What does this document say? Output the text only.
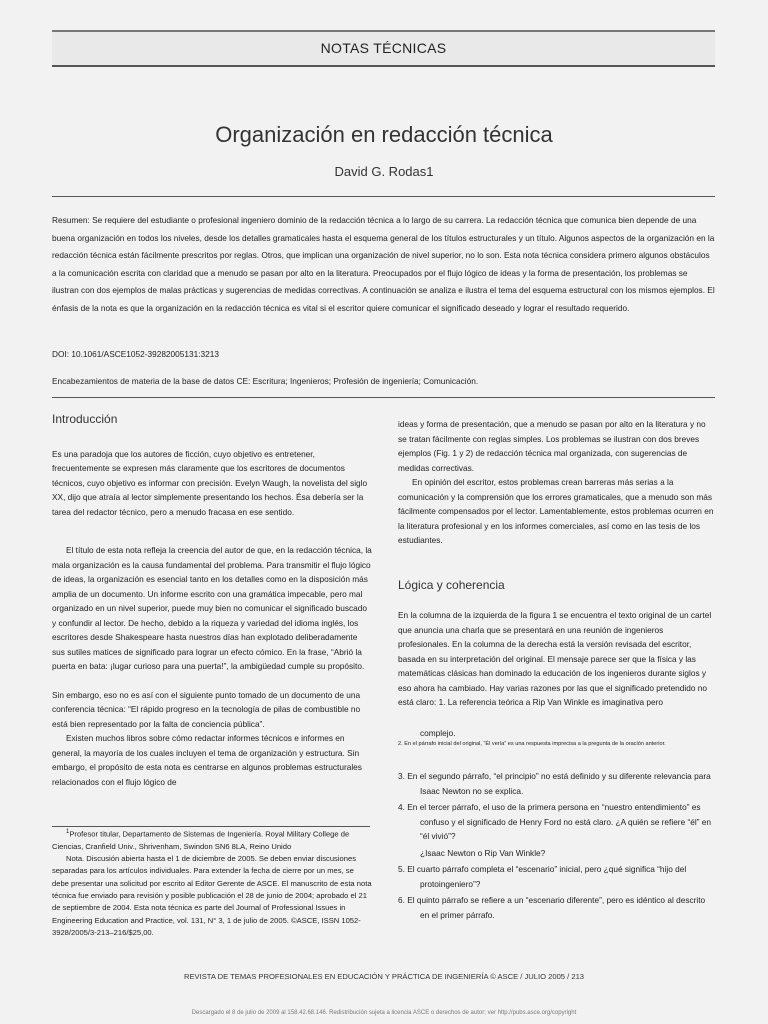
NOTAS TÉCNICAS
Organización en redacción técnica
David G. Rodas1
Resumen: Se requiere del estudiante o profesional ingeniero dominio de la redacción técnica a lo largo de su carrera. La redacción técnica que comunica bien depende de una buena organización en todos los niveles, desde los detalles gramaticales hasta el esquema general de los títulos estructurales y un título. Algunos aspectos de la organización en la redacción técnica están fácilmente prescritos por reglas. Otros, que implican una organización de nivel superior, no lo son. Esta nota técnica considera primero algunos obstáculos a la comunicación escrita con claridad que a menudo se pasan por alto en la literatura. Preocupados por el flujo lógico de ideas y la forma de presentación, los problemas se ilustran con dos ejemplos de malas prácticas y sugerencias de medidas correctivas. A continuación se analiza e ilustra el tema del esquema estructural con los mismos ejemplos. El énfasis de la nota es que la organización en la redacción técnica es vital si el escritor quiere comunicar el significado deseado y lograr el resultado requerido.
DOI: 10.1061/ASCE1052-39282005131:3213
Encabezamientos de materia de la base de datos CE: Escritura; Ingenieros; Profesión de ingeniería; Comunicación.
Introducción

Es una paradoja que los autores de ficción, cuyo objetivo es entretener, frecuentemente se expresen más claramente que los escritores de documentos técnicos, cuyo objetivo es informar con precisión. Evelyn Waugh, la novelista del siglo XX, dijo que atraía al lector simplemente presentando los hechos. Ésa debería ser la tarea del redactor técnico, pero a menudo fracasa en ese sentido.

El título de esta nota refleja la creencia del autor de que, en la redacción técnica, la mala organización es la causa fundamental del problema. Para transmitir el flujo lógico de ideas, la organización es esencial tanto en los detalles como en la disposición más amplia de un documento. Un informe escrito con una gramática impecable, pero mal organizado en un nivel superior, puede muy bien no comunicar el significado buscado y confundir al lector. De hecho, debido a la riqueza y variedad del idioma inglés, los escritores desde Shakespeare hasta nuestros días han explotado deliberadamente sus sutiles matices de significado para lograr un efecto cómico. En la frase, “Abrió la puerta en bata: ¡lugar curioso para una puerta!”, la ambigüedad cumple su propósito.

Sin embargo, eso no es así con el siguiente punto tomado de un documento de una conferencia técnica: “El rápido progreso en la tecnología de pilas de combustible no está bien representado por la falta de conciencia pública”.

Existen muchos libros sobre cómo redactar informes técnicos e informes en general, la mayoría de los cuales incluyen el tema de organización y estructura. Sin embargo, el propósito de esta nota es centrarse en algunos problemas estructurales relacionados con el flujo lógico de

$^1$Profesor titular, Departamento de Sistemas de Ingeniería. Royal Military College de Ciencias, Cranfield Univ., Shrivenham, Swindon SN6 8LA, Reino Unido

Nota. Discusión abierta hasta el 1 de diciembre de 2005. Se deben enviar discusiones separadas para los artículos individuales. Para extender la fecha de cierre por un mes, se debe presentar una solicitud por escrito al Editor Gerente de ASCE. El manuscrito de esta nota técnica fue enviado para revisión y posible publicación el 28 de junio de 2004; aprobado el 21 de septiembre de 2004. Esta nota técnica es parte del Journal of Professional Issues in Engineering Education and Practice, vol. 131, N° 3, 1 de julio de 2005. ©ASCE, ISSN 1052-3928/2005/3-213–216/$25,00.

ideas y forma de presentación, que a menudo se pasan por alto en la literatura y no se tratan fácilmente con reglas simples. Los problemas se ilustran con dos breves ejemplos (Fig. 1 y 2) de redacción técnica mal organizada, con sugerencias de medidas correctivas.

En opinión del escritor, estos problemas crean barreras más serias a la comunicación y la comprensión que los errores gramaticales, que a menudo son más fácilmente compensados por el lector. Lamentablemente, estos problemas ocurren en la literatura profesional y en los informes comerciales, así como en las tesis de los estudiantes.

Lógica y coherencia

En la columna de la izquierda de la figura 1 se encuentra el texto original de un cartel que anuncia una charla que se presentará en una reunión de ingenieros profesionales. En la columna de la derecha está la versión revisada del escritor, basada en su interpretación del original. El mensaje parece ser que la física y las matemáticas clásicas han dominado la educación de los ingenieros durante siglos y eso ahora ha cambiado. Hay varias razones por las que el significado pretendido no está claro: 1. La referencia teórica a Rip Van Winkle es imaginativa pero

complejo.

2. En el párrafo inicial del original, “Él vería” es una respuesta imprecisa a la pregunta de la oración anterior.

3. En el segundo párrafo, “el principio” no está definido y su diferente relevancia para Isaac Newton no se explica.

4. En el tercer párrafo, el uso de la primera persona en “nuestro entendimiento” es confuso y el significado de Henry Ford no está claro. ¿A quién se refiere “él” en “él vivió”?

¿Isaac Newton o Rip Van Winkle?

5. El cuarto párrafo completa el “escenario” inicial, pero ¿qué significa “hijo del protoingeniero”?

6. El quinto párrafo se refiere a un “escenario diferente”, pero es idéntico al descrito en el primer párrafo.

REVISTA DE TEMAS PROFESIONALES EN EDUCACIÓN Y PRÁCTICA DE INGENIERÍA © ASCE / JULIO 2005 / 213
Descargado el 8 de julio de 2009 al 158.42.68.146. Redistribución sujeta a licencia ASCE o derechos de autor; ver http://pubs.asce.org/copyright
